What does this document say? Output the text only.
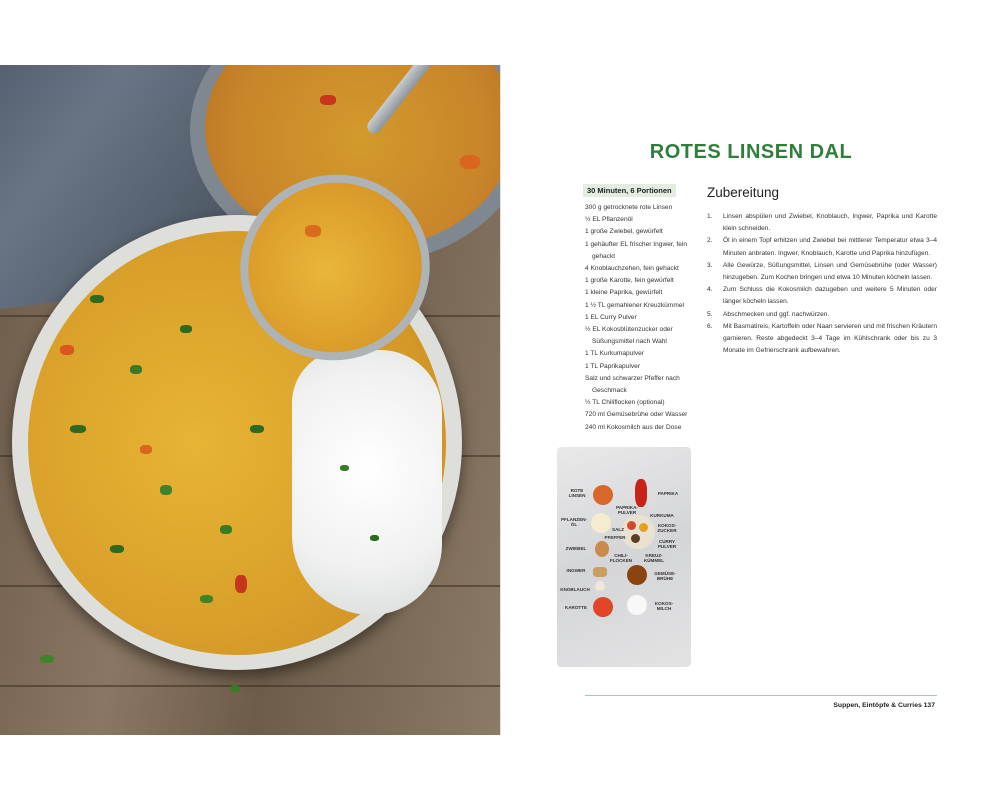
ROTES LINSEN DAL
30 Minuten, 6 Portionen
300 g getrocknete rote Linsen
½ EL Pflanzenöl
1 große Zwiebel, gewürfelt
1 gehäufter EL frischer Ingwer, fein
gehackt
4 Knoblauchzehen, fein gehackt
1 große Karotte, fein gewürfelt
1 kleine Paprika, gewürfelt
1 ½ TL gemahlener Kreuzkümmel
1 EL Curry Pulver
½ EL Kokosblütenzucker oder
Süßungsmittel nach Wahl
1 TL Kurkumapulver
1 TL Paprikapulver
Salz und schwarzer Pfeffer nach
Geschmack
½ TL Chiliflocken (optional)
720 ml Gemüsebrühe oder Wasser
240 ml Kokosmilch aus der Dose
Zubereitung
1. Linsen abspülen und Zwiebel, Knoblauch, Ingwer, Paprika und Karotte klein schneiden.
2. Öl in einem Topf erhitzen und Zwiebel bei mittlerer Temperatur etwa 3–4 Minuten anbraten. Ingwer, Knoblauch, Karotte und Paprika hinzufügen.
3. Alle Gewürze, Süßungsmittel, Linsen und Gemüsebrühe (oder Wasser) hinzugeben. Zum Kochen bringen und etwa 10 Minuten köcheln lassen.
4. Zum Schluss die Kokosmilch dazugeben und weitere 5 Minuten oder länger köcheln lassen.
5. Abschmecken und ggf. nachwürzen.
6. Mit Basmatireis, Kartoffeln oder Naan servieren und mit frischen Kräutern garnieren. Reste abgedeckt 3–4 Tage im Kühlschrank oder bis zu 3 Monate im Gefrierschrank aufbewahren.
ROTE LINSEN	PAPRIKA
PAPRIKA-PULVER
KURKUMA
PFLANZEN-ÖL
SALZ
PFEFFER
KOKOS-ZUCKER
CURRY PULVER
ZWIEBEL
CHILI-FLOCKEN
KREUZ-KÜMMEL
INGWER
GEMÜSE-BRÜHE
KNOBLAUCH
KAROTTE
KOKOS-MILCH
Suppen, Eintöpfe & Curries 137
